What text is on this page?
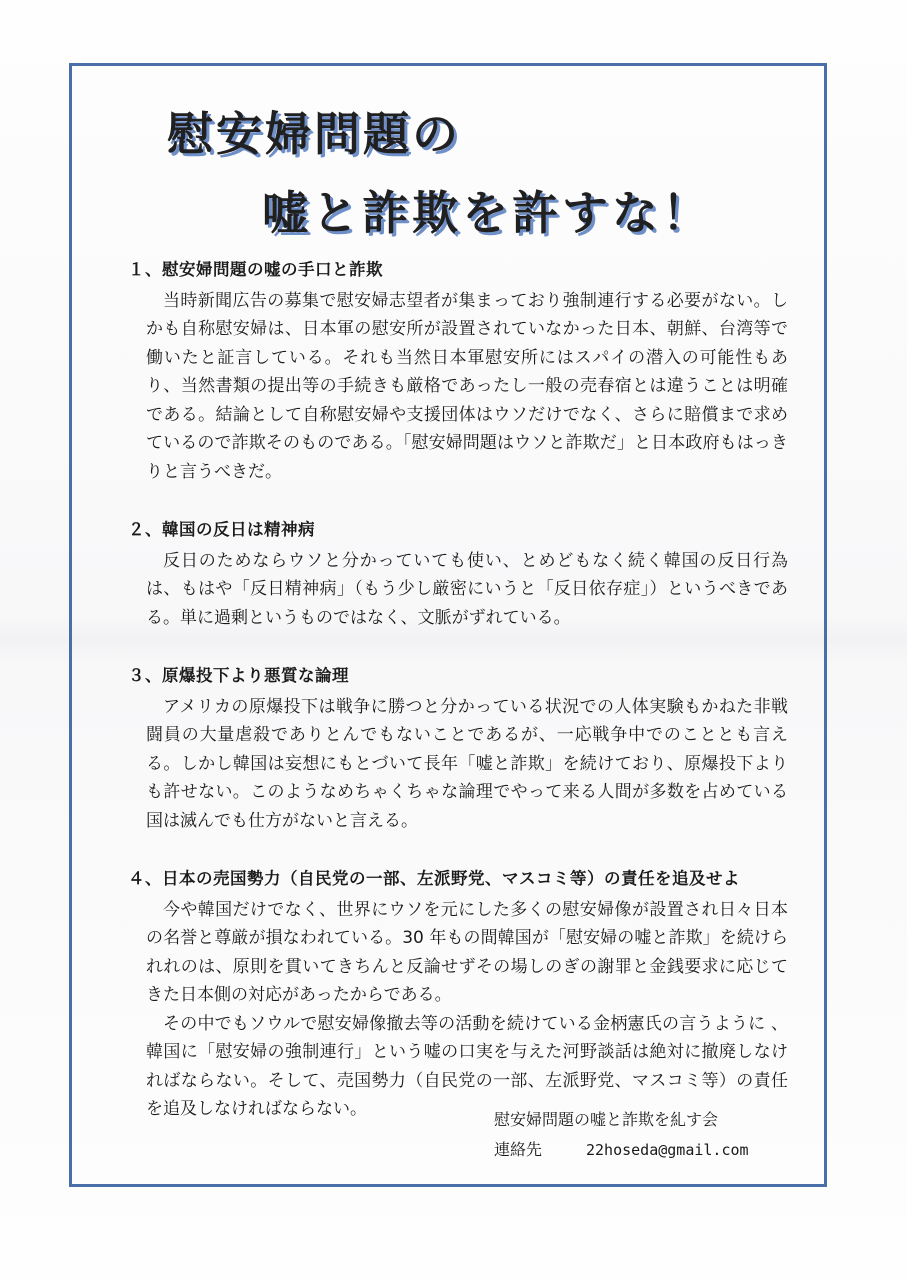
慰安婦問題の
嘘と詐欺を許すな！
１、慰安婦問題の嘘の手口と詐欺
当時新聞広告の募集で慰安婦志望者が集まっており強制連行する必要がない。しかも自称慰安婦は、日本軍の慰安所が設置されていなかった日本、朝鮮、台湾等で働いたと証言している。それも当然日本軍慰安所にはスパイの潜入の可能性もあり、当然書類の提出等の手続きも厳格であったし一般の売春宿とは違うことは明確である。結論として自称慰安婦や支援団体はウソだけでなく、さらに賠償まで求めているので詐欺そのものである。「慰安婦問題はウソと詐欺だ」と日本政府もはっきりと言うべきだ。
２、韓国の反日は精神病
反日のためならウソと分かっていても使い、とめどもなく続く韓国の反日行為は、もはや「反日精神病」（もう少し厳密にいうと「反日依存症」）というべきである。単に過剰というものではなく、文脈がずれている。
３、原爆投下より悪質な論理
アメリカの原爆投下は戦争に勝つと分かっている状況での人体実験もかねた非戦闘員の大量虐殺でありとんでもないことであるが、一応戦争中でのこととも言える。しかし韓国は妄想にもとづいて長年「嘘と詐欺」を続けており、原爆投下よりも許せない。このようなめちゃくちゃな論理でやって来る人間が多数を占めている国は滅んでも仕方がないと言える。
４、日本の売国勢力（自民党の一部、左派野党、マスコミ等）の責任を追及せよ
今や韓国だけでなく、世界にウソを元にした多くの慰安婦像が設置され日々日本の名誉と尊厳が損なわれている。30 年もの間韓国が「慰安婦の嘘と詐欺」を続けられれのは、原則を貫いてきちんと反論せずその場しのぎの謝罪と金銭要求に応じてきた日本側の対応があったからである。
その中でもソウルで慰安婦像撤去等の活動を続けている金柄憲氏の言うように 、韓国に「慰安婦の強制連行」という嘘の口実を与えた河野談話は絶対に撤廃しなければならない。そして、売国勢力（自民党の一部、左派野党、マスコミ等）の責任を追及しなければならない。
慰安婦問題の嘘と詐欺を糺す会
連絡先	22hoseda@gmail.com
